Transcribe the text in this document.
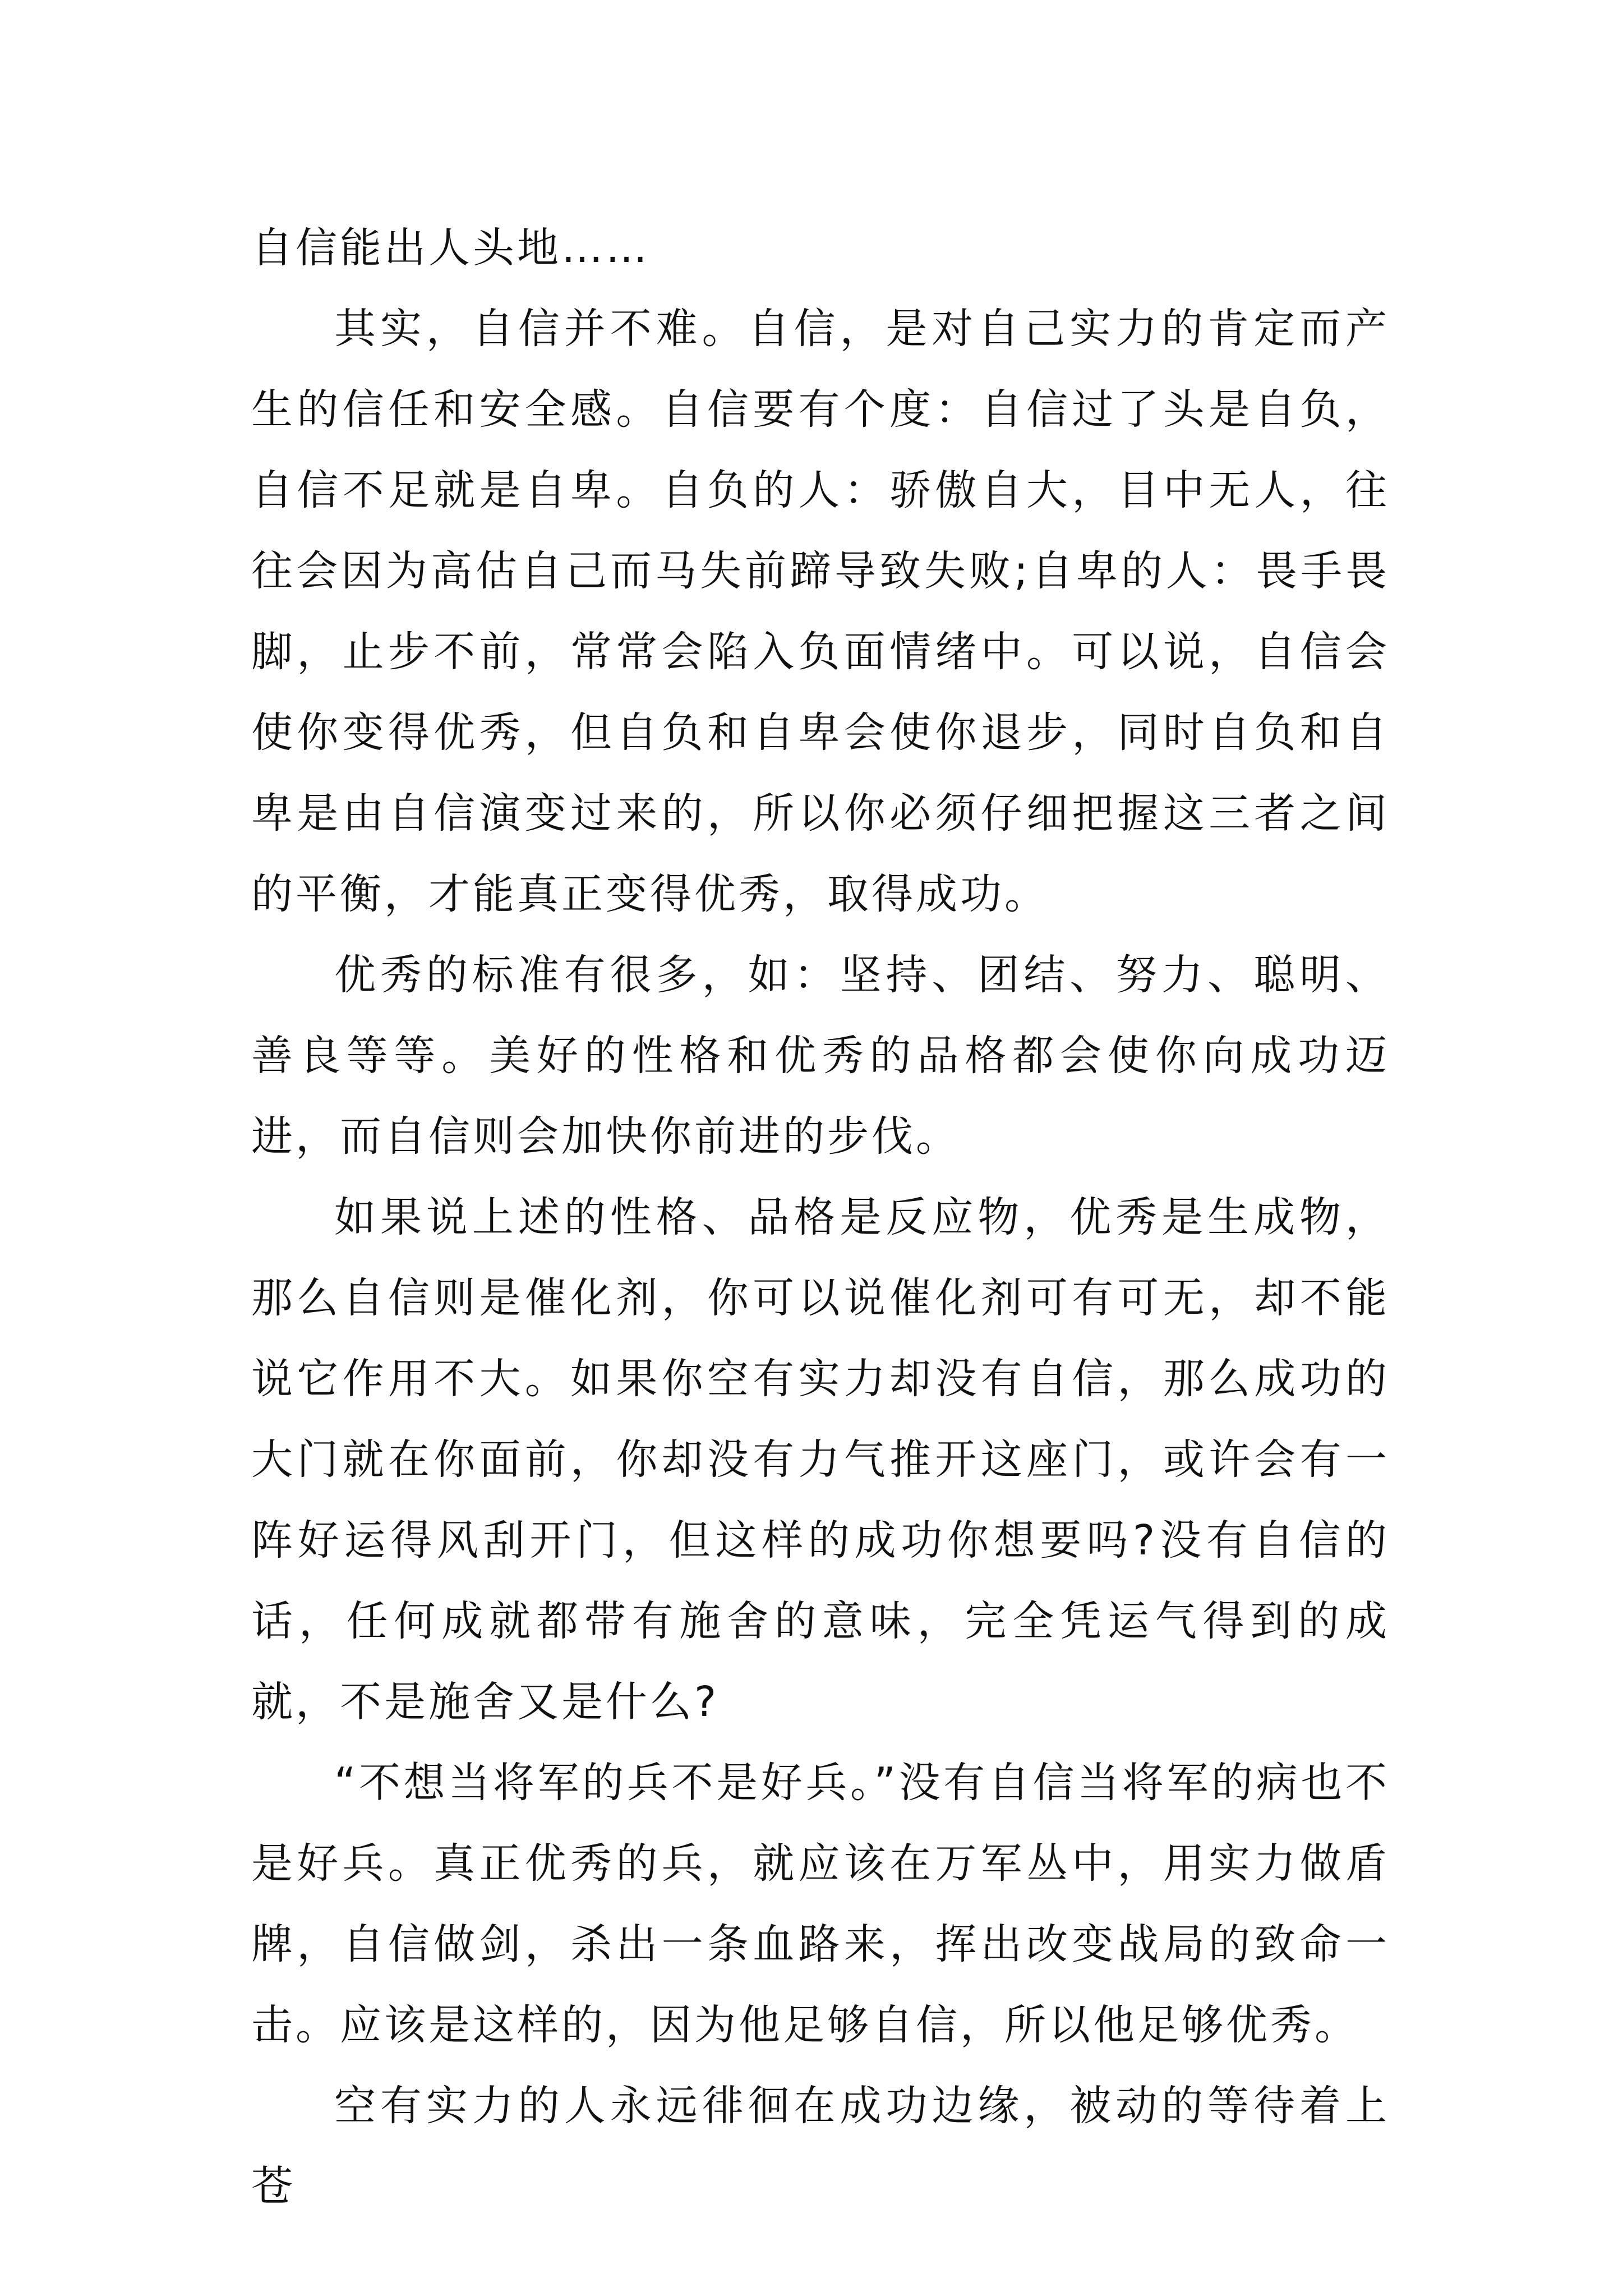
自信能出人头地……

其实，自信并不难。自信，是对自己实力的肯定而产生的信任和安全感。自信要有个度：自信过了头是自负，自信不足就是自卑。自负的人：骄傲自大，目中无人，往往会因为高估自己而马失前蹄导致失败;自卑的人：畏手畏脚，止步不前，常常会陷入负面情绪中。可以说，自信会使你变得优秀，但自负和自卑会使你退步，同时自负和自卑是由自信演变过来的，所以你必须仔细把握这三者之间的平衡，才能真正变得优秀，取得成功。

优秀的标准有很多，如：坚持、团结、努力、聪明、善良等等。美好的性格和优秀的品格都会使你向成功迈进，而自信则会加快你前进的步伐。

如果说上述的性格、品格是反应物，优秀是生成物，那么自信则是催化剂，你可以说催化剂可有可无，却不能说它作用不大。如果你空有实力却没有自信，那么成功的大门就在你面前，你却没有力气推开这座门，或许会有一阵好运得风刮开门，但这样的成功你想要吗?没有自信的话，任何成就都带有施舍的意味，完全凭运气得到的成就，不是施舍又是什么?

“不想当将军的兵不是好兵。”没有自信当将军的病也不是好兵。真正优秀的兵，就应该在万军丛中，用实力做盾牌，自信做剑，杀出一条血路来，挥出改变战局的致命一击。应该是这样的，因为他足够自信，所以他足够优秀。

空有实力的人永远徘徊在成功边缘，被动的等待着上苍
